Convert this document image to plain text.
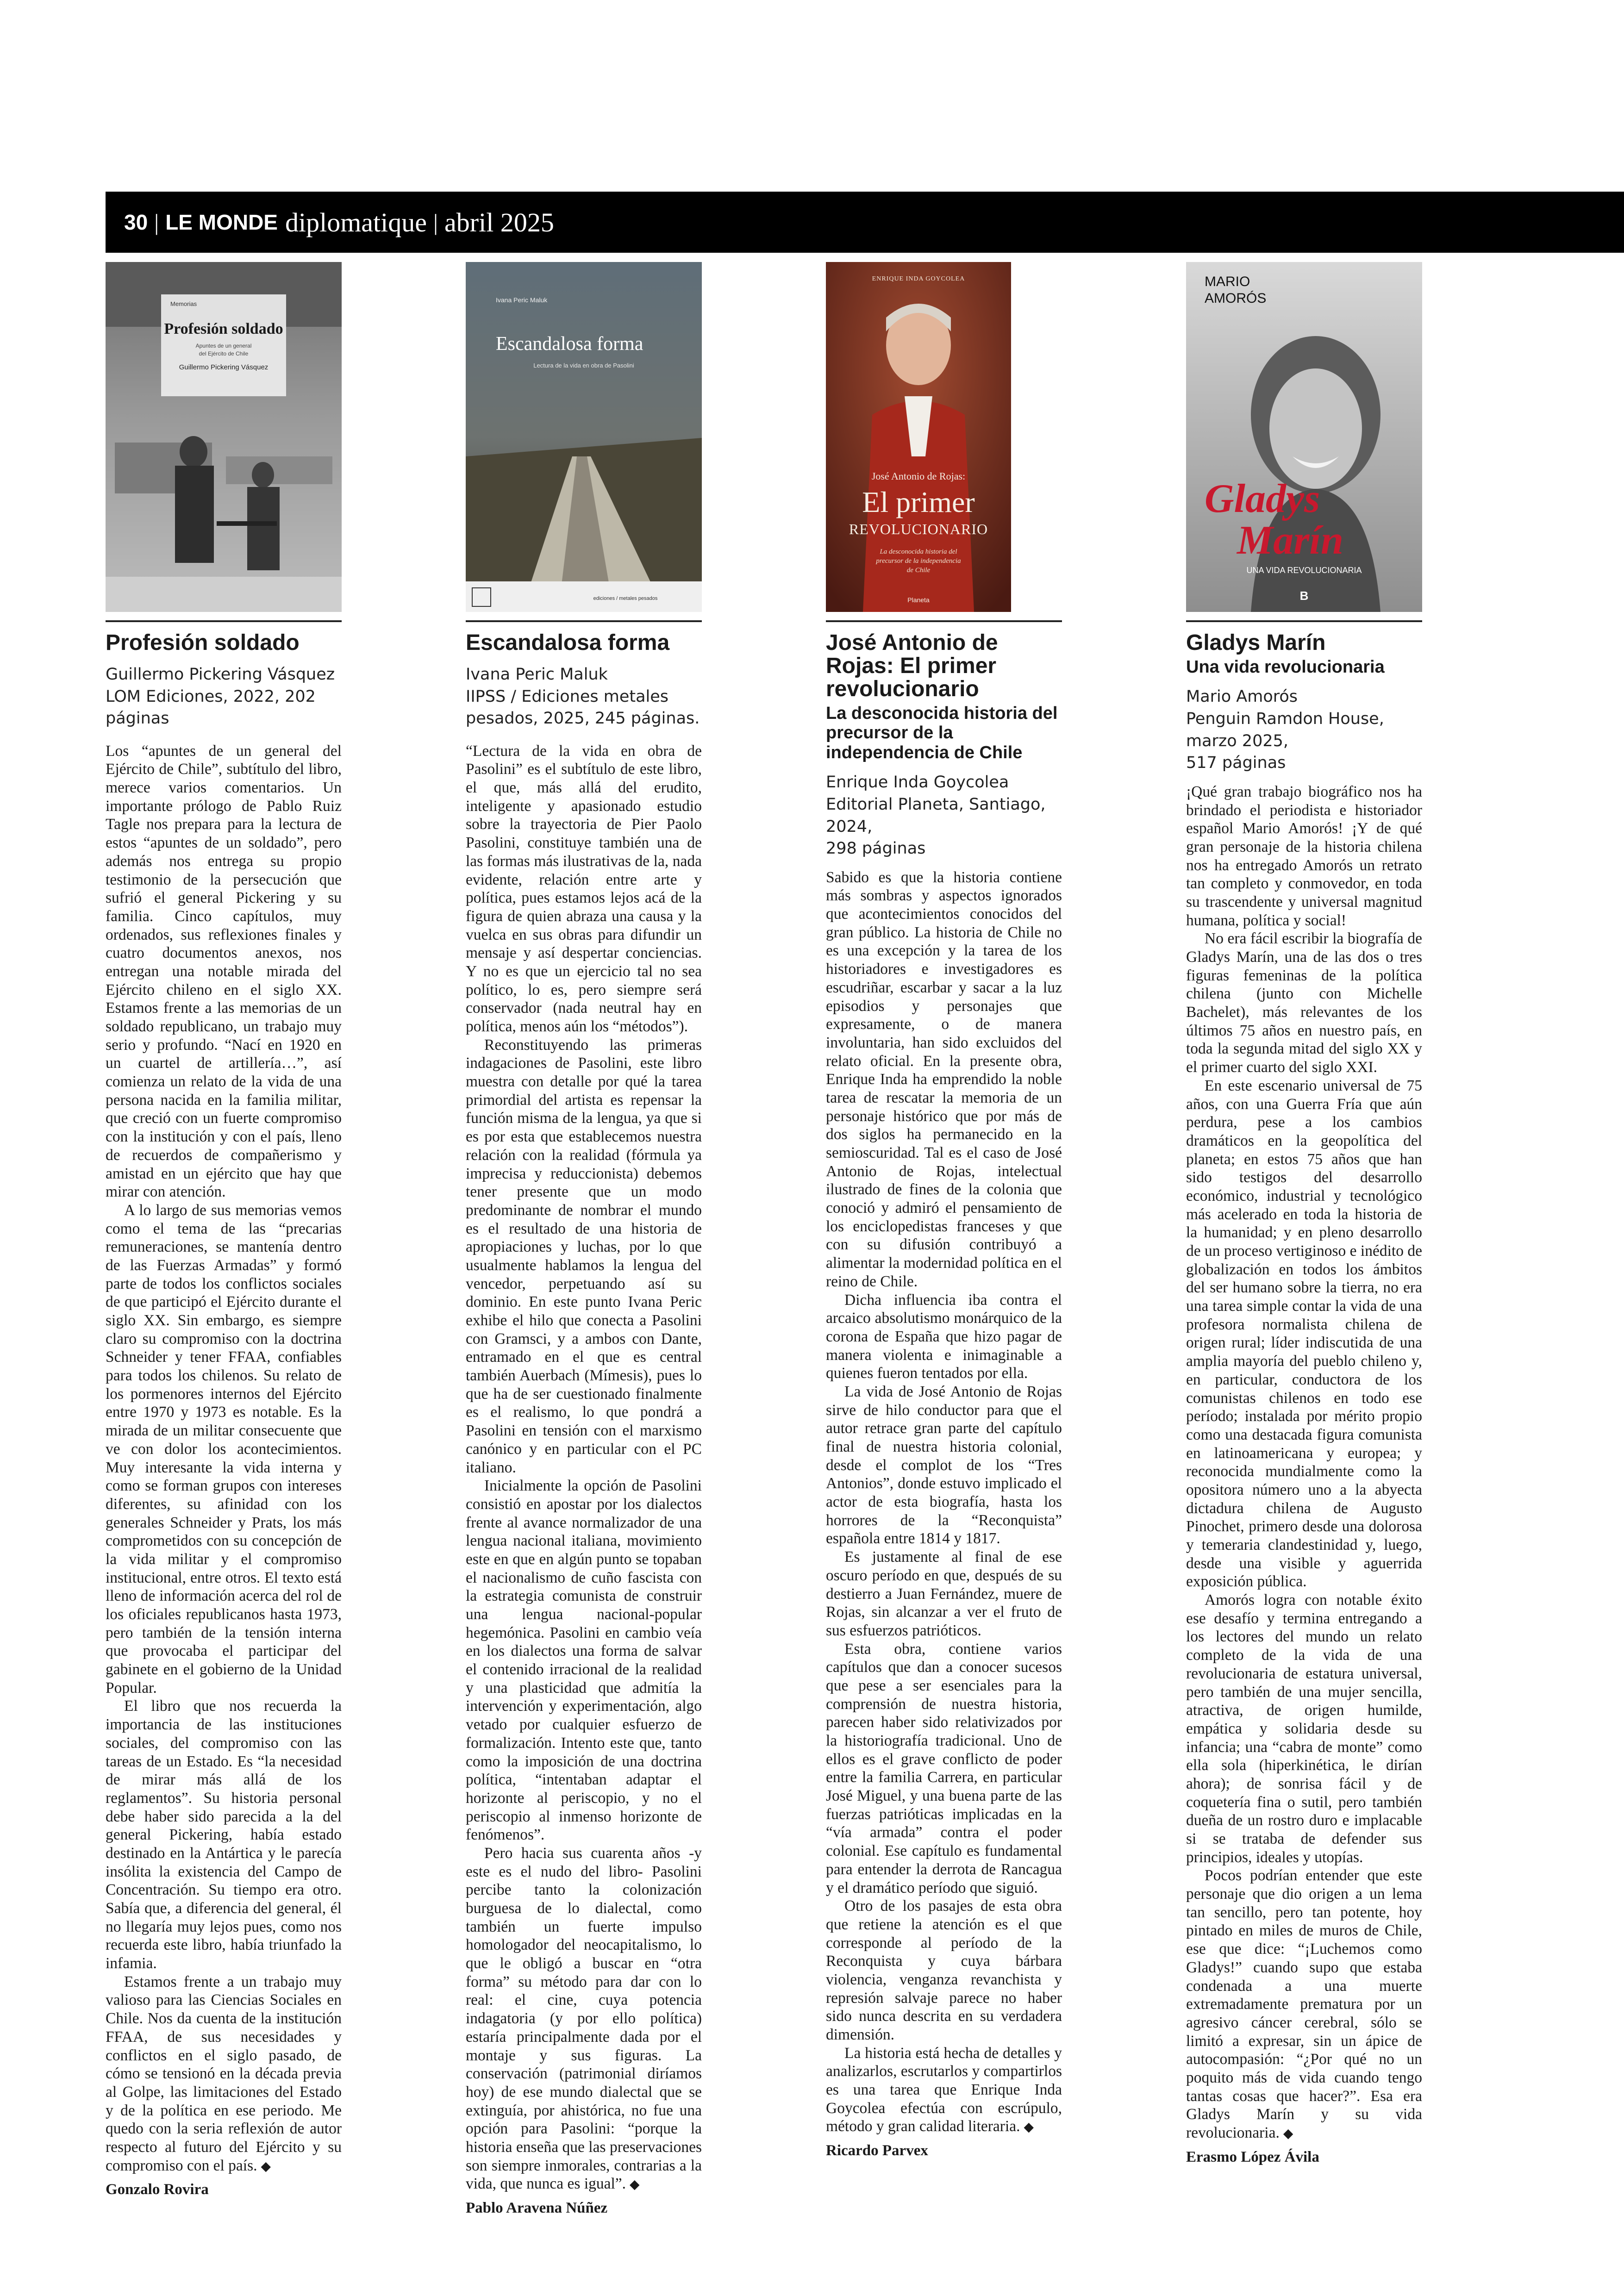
30 | LE MONDE diplomatique | abril 2025
Memorias
Profesión soldado
Apuntes de un general
del Ejército de Chile
Guillermo Pickering Vásquez
Profesión soldado
Guillermo Pickering Vásquez
LOM Ediciones, 2022, 202 páginas

Los “apuntes de un general del Ejército de Chile”, subtítulo del libro, merece varios comentarios. Un importante prólogo de Pablo Ruiz Tagle nos prepara para la lectura de estos “apuntes de un soldado”, pero además nos entrega su propio testimonio de la persecución que sufrió el general Pickering y su familia. Cinco capítulos, muy ordenados, sus reflexiones finales y cuatro documentos anexos, nos entregan una notable mirada del Ejército chileno en el siglo XX. Estamos frente a las memorias de un soldado republicano, un trabajo muy serio y profundo. “Nací en 1920 en un cuartel de artillería…”, así comienza un relato de la vida de una persona nacida en la familia militar, que creció con un fuerte compromiso con la institución y con el país, lleno de recuerdos de compañerismo y amistad en un ejército que hay que mirar con atención.

A lo largo de sus memorias vemos como el tema de las “precarias remuneraciones, se mantenía dentro de las Fuerzas Armadas” y formó parte de todos los conflictos sociales de que participó el Ejército durante el siglo XX. Sin embargo, es siempre claro su compromiso con la doctrina Schneider y tener FFAA, confiables para todos los chilenos. Su relato de los pormenores internos del Ejército entre 1970 y 1973 es notable. Es la mirada de un militar consecuente que ve con dolor los acontecimientos. Muy interesante la vida interna y como se forman grupos con intereses diferentes, su afinidad con los generales Schneider y Prats, los más comprometidos con su concepción de la vida militar y el compromiso institucional, entre otros. El texto está lleno de información acerca del rol de los oficiales republicanos hasta 1973, pero también de la tensión interna que provocaba el participar del gabinete en el gobierno de la Unidad Popular.

El libro que nos recuerda la importancia de las instituciones sociales, del compromiso con las tareas de un Estado. Es “la necesidad de mirar más allá de los reglamentos”. Su historia personal debe haber sido parecida a la del general Pickering, había estado destinado en la Antártica y le parecía insólita la existencia del Campo de Concentración. Su tiempo era otro. Sabía que, a diferencia del general, él no llegaría muy lejos pues, como nos recuerda este libro, había triunfado la infamia.

Estamos frente a un trabajo muy valioso para las Ciencias Sociales en Chile. Nos da cuenta de la institución FFAA, de sus necesidades y conflictos en el siglo pasado, de cómo se tensionó en la década previa al Golpe, las limitaciones del Estado y de la política en ese periodo. Me quedo con la seria reflexión de autor respecto al futuro del Ejército y su compromiso con el país. ◆

Gonzalo Rovira
Ivana Peric Maluk
Escandalosa forma
Lectura de la vida en obra de Pasolini
ediciones / metales pesados
Escandalosa forma
Ivana Peric Maluk
IIPSS / Ediciones metales pesados, 2025, 245 páginas.

“Lectura de la vida en obra de Pasolini” es el subtítulo de este libro, el que, más allá del erudito, inteligente y apasionado estudio sobre la trayectoria de Pier Paolo Pasolini, constituye también una de las formas más ilustrativas de la, nada evidente, relación entre arte y política, pues estamos lejos acá de la figura de quien abraza una causa y la vuelca en sus obras para difundir un mensaje y así despertar conciencias. Y no es que un ejercicio tal no sea político, lo es, pero siempre será conservador (nada neutral hay en política, menos aún los “métodos”).

Reconstituyendo las primeras indagaciones de Pasolini, este libro muestra con detalle por qué la tarea primordial del artista es repensar la función misma de la lengua, ya que si es por esta que establecemos nuestra relación con la realidad (fórmula ya imprecisa y reduccionista) debemos tener presente que un modo predominante de nombrar el mundo es el resultado de una historia de apropiaciones y luchas, por lo que usualmente hablamos la lengua del vencedor, perpetuando así su dominio. En este punto Ivana Peric exhibe el hilo que conecta a Pasolini con Gramsci, y a ambos con Dante, entramado en el que es central también Auerbach (Mímesis), pues lo que ha de ser cuestionado finalmente es el realismo, lo que pondrá a Pasolini en tensión con el marxismo canónico y en particular con el PC italiano.

Inicialmente la opción de Pasolini consistió en apostar por los dialectos frente al avance normalizador de una lengua nacional italiana, movimiento este en que en algún punto se topaban el nacionalismo de cuño fascista con la estrategia comunista de construir una lengua nacional-popular hegemónica. Pasolini en cambio veía en los dialectos una forma de salvar el contenido irracional de la realidad y una plasticidad que admitía la intervención y experimentación, algo vetado por cualquier esfuerzo de formalización. Intento este que, tanto como la imposición de una doctrina política, “intentaban adaptar el horizonte al periscopio, y no el periscopio al inmenso horizonte de fenómenos”.

Pero hacia sus cuarenta años -y este es el nudo del libro- Pasolini percibe tanto la colonización burguesa de lo dialectal, como también un fuerte impulso homologador del neocapitalismo, lo que le obligó a buscar en “otra forma” su método para dar con lo real: el cine, cuya potencia indagatoria (y por ello política) estaría principalmente dada por el montaje y sus figuras. La conservación (patrimonial diríamos hoy) de ese mundo dialectal que se extinguía, por ahistórica, no fue una opción para Pasolini: “porque la historia enseña que las preservaciones son siempre inmorales, contrarias a la vida, que nunca es igual”. ◆

Pablo Aravena Núñez
ENRIQUE INDA GOYCOLEA
José Antonio de Rojas:
El primer
REVOLUCIONARIO
La desconocida historia del
precursor de la independencia
de Chile
Planeta
José Antonio de Rojas: El primer revolucionario
La desconocida historia del precursor de la independencia de Chile
Enrique Inda Goycolea
Editorial Planeta, Santiago, 2024,
298 páginas

Sabido es que la historia contiene más sombras y aspectos ignorados que acontecimientos conocidos del gran público. La historia de Chile no es una excepción y la tarea de los historiadores e investigadores es escudriñar, escarbar y sacar a la luz episodios y personajes que expresamente, o de manera involuntaria, han sido excluidos del relato oficial. En la presente obra, Enrique Inda ha emprendido la noble tarea de rescatar la memoria de un personaje histórico que por más de dos siglos ha permanecido en la semioscuridad. Tal es el caso de José Antonio de Rojas, intelectual ilustrado de fines de la colonia que conoció y admiró el pensamiento de los enciclopedistas franceses y que con su difusión contribuyó a alimentar la modernidad política en el reino de Chile.

Dicha influencia iba contra el arcaico absolutismo monárquico de la corona de España que hizo pagar de manera violenta e inimaginable a quienes fueron tentados por ella.

La vida de José Antonio de Rojas sirve de hilo conductor para que el autor retrace gran parte del capítulo final de nuestra historia colonial, desde el complot de los “Tres Antonios”, donde estuvo implicado el actor de esta biografía, hasta los horrores de la “Reconquista” española entre 1814 y 1817.

Es justamente al final de ese oscuro período en que, después de su destierro a Juan Fernández, muere de Rojas, sin alcanzar a ver el fruto de sus esfuerzos patrióticos.

Esta obra, contiene varios capítulos que dan a conocer sucesos que pese a ser esenciales para la comprensión de nuestra historia, parecen haber sido relativizados por la historiografía tradicional. Uno de ellos es el grave conflicto de poder entre la familia Carrera, en particular José Miguel, y una buena parte de las fuerzas patrióticas implicadas en la “vía armada” contra el poder colonial. Ese capítulo es fundamental para entender la derrota de Rancagua y el dramático período que siguió.

Otro de los pasajes de esta obra que retiene la atención es el que corresponde al período de la Reconquista y cuya bárbara violencia, venganza revanchista y represión salvaje parece no haber sido nunca descrita en su verdadera dimensión.

La historia está hecha de detalles y analizarlos, escrutarlos y compartirlos es una tarea que Enrique Inda Goycolea efectúa con escrúpulo, método y gran calidad literaria. ◆

Ricardo Parvex
MARIO
AMORÓS
Gladys
Marín
UNA VIDA REVOLUCIONARIA
B
Gladys Marín
Una vida revolucionaria
Mario Amorós
Penguin Ramdon House, marzo 2025,
517 páginas

¡Qué gran trabajo biográfico nos ha brindado el periodista e historiador español Mario Amorós! ¡Y de qué gran personaje de la historia chilena nos ha entregado Amorós un retrato tan completo y conmovedor, en toda su trascendente y universal magnitud humana, política y social!

No era fácil escribir la biografía de Gladys Marín, una de las dos o tres figuras femeninas de la política chilena (junto con Michelle Bachelet), más relevantes de los últimos 75 años en nuestro país, en toda la segunda mitad del siglo XX y el primer cuarto del siglo XXI.

En este escenario universal de 75 años, con una Guerra Fría que aún perdura, pese a los cambios dramáticos en la geopolítica del planeta; en estos 75 años que han sido testigos del desarrollo económico, industrial y tecnológico más acelerado en toda la historia de la humanidad; y en pleno desarrollo de un proceso vertiginoso e inédito de globalización en todos los ámbitos del ser humano sobre la tierra, no era una tarea simple contar la vida de una profesora normalista chilena de origen rural; líder indiscutida de una amplia mayoría del pueblo chileno y, en particular, conductora de los comunistas chilenos en todo ese período; instalada por mérito propio como una destacada figura comunista en latinoamericana y europea; y reconocida mundialmente como la opositora número uno a la abyecta dictadura chilena de Augusto Pinochet, primero desde una dolorosa y temeraria clandestinidad y, luego, desde una visible y aguerrida exposición pública.

Amorós logra con notable éxito ese desafío y termina entregando a los lectores del mundo un relato completo de la vida de una revolucionaria de estatura universal, pero también de una mujer sencilla, atractiva, de origen humilde, empática y solidaria desde su infancia; una “cabra de monte” como ella sola (hiperkinética, le dirían ahora); de sonrisa fácil y de coquetería fina o sutil, pero también dueña de un rostro duro e implacable si se trataba de defender sus principios, ideales y utopías.

Pocos podrían entender que este personaje que dio origen a un lema tan sencillo, pero tan potente, hoy pintado en miles de muros de Chile, ese que dice: “¡Luchemos como Gladys!” cuando supo que estaba condenada a una muerte extremadamente prematura por un agresivo cáncer cerebral, sólo se limitó a expresar, sin un ápice de autocompasión: “¿Por qué no un poquito más de vida cuando tengo tantas cosas que hacer?”. Esa era Gladys Marín y su vida revolucionaria. ◆

Erasmo López Ávila
